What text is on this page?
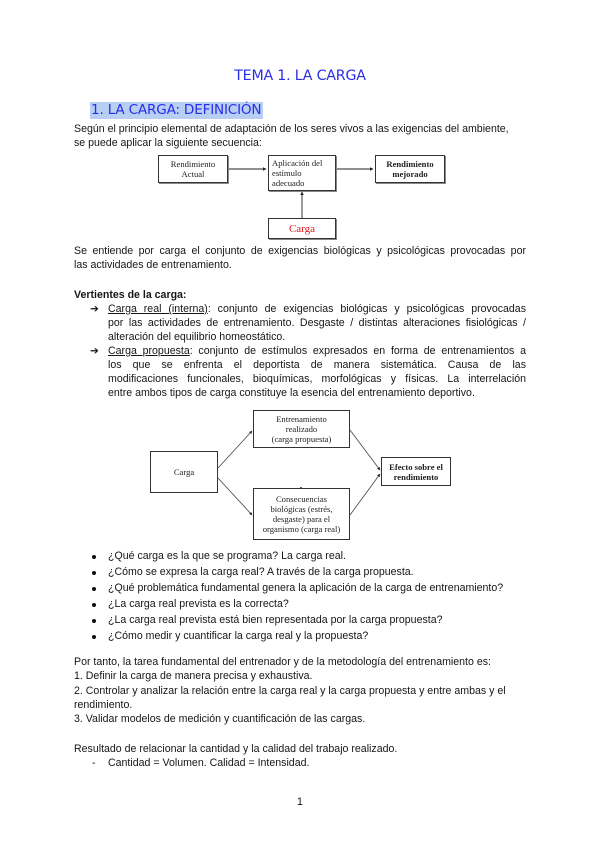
TEMA 1. LA CARGA
1. LA CARGA: DEFINICIÓN
Según el principio elemental de adaptación de los seres vivos a las exigencias del ambiente,
se puede aplicar la siguiente secuencia:
Rendimiento
Actual
Aplicación del
estímulo
adecuado
Rendimiento
mejorado
Carga
Se entiende por carga el conjunto de exigencias biológicas y psicológicas provocadas por
las actividades de entrenamiento.
Vertientes de la carga:
➔ Carga real (interna): conjunto de exigencias biológicas y psicológicas provocadas
por las actividades de entrenamiento. Desgaste / distintas alteraciones fisiológicas /
alteración del equilibrio homeostático.
➔ Carga propuesta: conjunto de estímulos expresados en forma de entrenamientos a
los que se enfrenta el deportista de manera sistemática. Causa de las
modificaciones funcionales, bioquímicas, morfológicas y físicas. La interrelación
entre ambos tipos de carga constituye la esencia del entrenamiento deportivo.
Carga
Entrenamiento
realizado
(carga propuesta)
Consecuencias
biológicas (estrés,
desgaste) para el
organismo (carga real)
Efecto sobre el
rendimiento
¿Qué carga es la que se programa? La carga real.
¿Cómo se expresa la carga real? A través de la carga propuesta.
¿Qué problemática fundamental genera la aplicación de la carga de entrenamiento?
¿La carga real prevista es la correcta?
¿La carga real prevista está bien representada por la carga propuesta?
¿Cómo medir y cuantificar la carga real y la propuesta?
Por tanto, la tarea fundamental del entrenador y de la metodología del entrenamiento es:
1. Definir la carga de manera precisa y exhaustiva.
2. Controlar y analizar la relación entre la carga real y la carga propuesta y entre ambas y el
rendimiento.
3. Validar modelos de medición y cuantificación de las cargas.
Resultado de relacionar la cantidad y la calidad del trabajo realizado.
- Cantidad = Volumen. Calidad = Intensidad.
1
